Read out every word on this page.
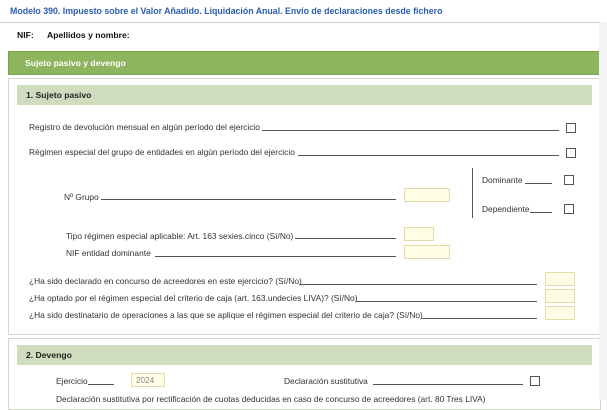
Modelo 390. Impuesto sobre el Valor Añadido. Liquidación Anual. Envío de declaraciones desde fichero
NIF: Apellidos y nombre:
Sujeto pasivo y devengo
1. Sujeto pasivo
Registro de devolución mensual en algún período del ejercicio
Régimen especial del grupo de entidades en algún período del ejercicio
Nº Grupo
Dominante
Dependiente
Tipo régimen especial aplicable: Art. 163 sexies.cinco (Sí/No)
NIF entidad dominante
¿Ha sido declarado en concurso de acreedores en este ejercicio? (Sí/No)
¿Ha optado por el régimen especial del criterio de caja (art. 163.undecies LIVA)? (Sí/No)
¿Ha sido destinatario de operaciones a las que se aplique el régimen especial del criterio de caja? (Sí/No)
2. Devengo
Ejercicio	2024	Declaración sustitutiva
Declaración sustitutiva por rectificación de cuotas deducidas en caso de concurso de acreedores (art. 80 Tres LIVA)
